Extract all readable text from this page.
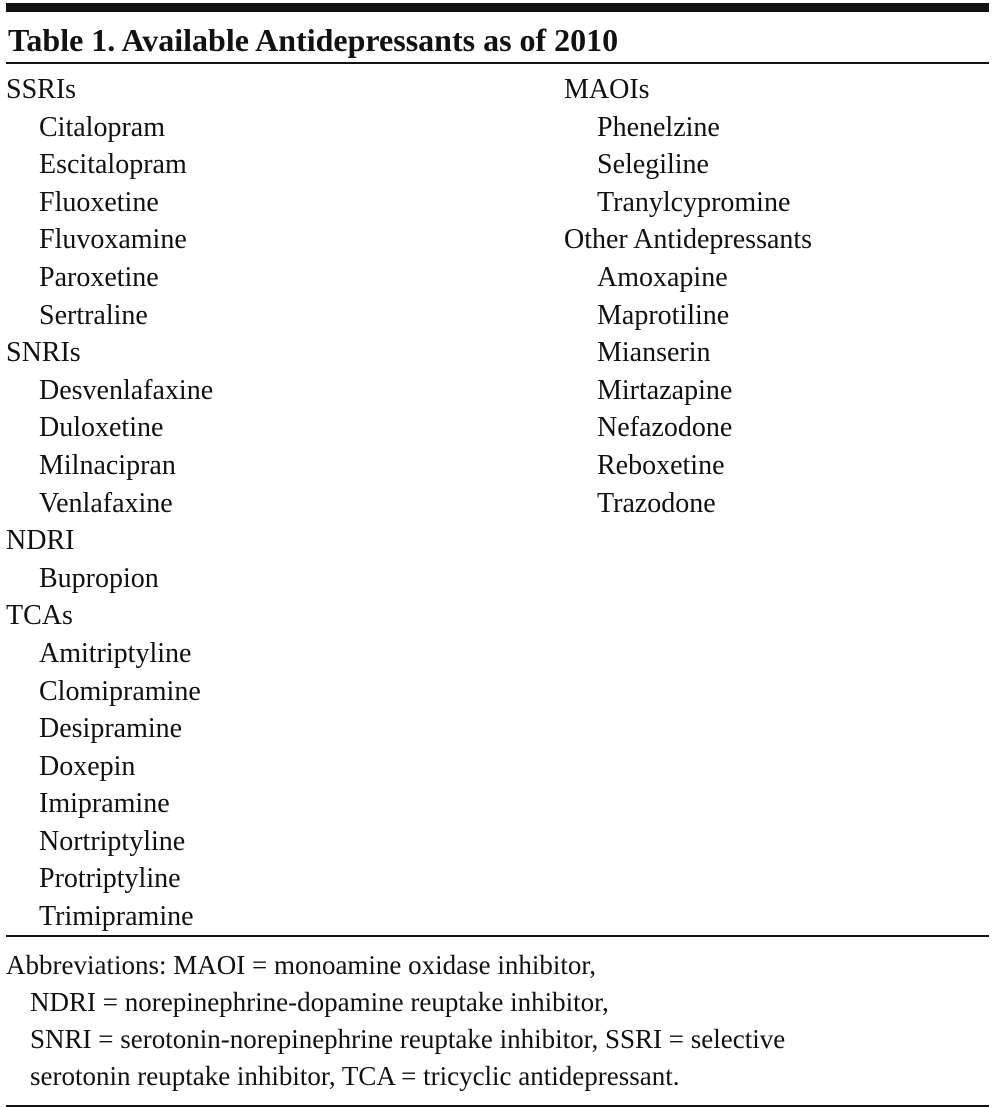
Table 1. Available Antidepressants as of 2010
SSRIs
Citalopram
Escitalopram
Fluoxetine
Fluvoxamine
Paroxetine
Sertraline
SNRIs
Desvenlafaxine
Duloxetine
Milnacipran
Venlafaxine
NDRI
Bupropion
TCAs
Amitriptyline
Clomipramine
Desipramine
Doxepin
Imipramine
Nortriptyline
Protriptyline
Trimipramine
MAOIs
Phenelzine
Selegiline
Tranylcypromine
Other Antidepressants
Amoxapine
Maprotiline
Mianserin
Mirtazapine
Nefazodone
Reboxetine
Trazodone
Abbreviations: MAOI = monoamine oxidase inhibitor,
NDRI = norepinephrine-dopamine reuptake inhibitor,
SNRI = serotonin-norepinephrine reuptake inhibitor, SSRI = selective
serotonin reuptake inhibitor, TCA = tricyclic antidepressant.
